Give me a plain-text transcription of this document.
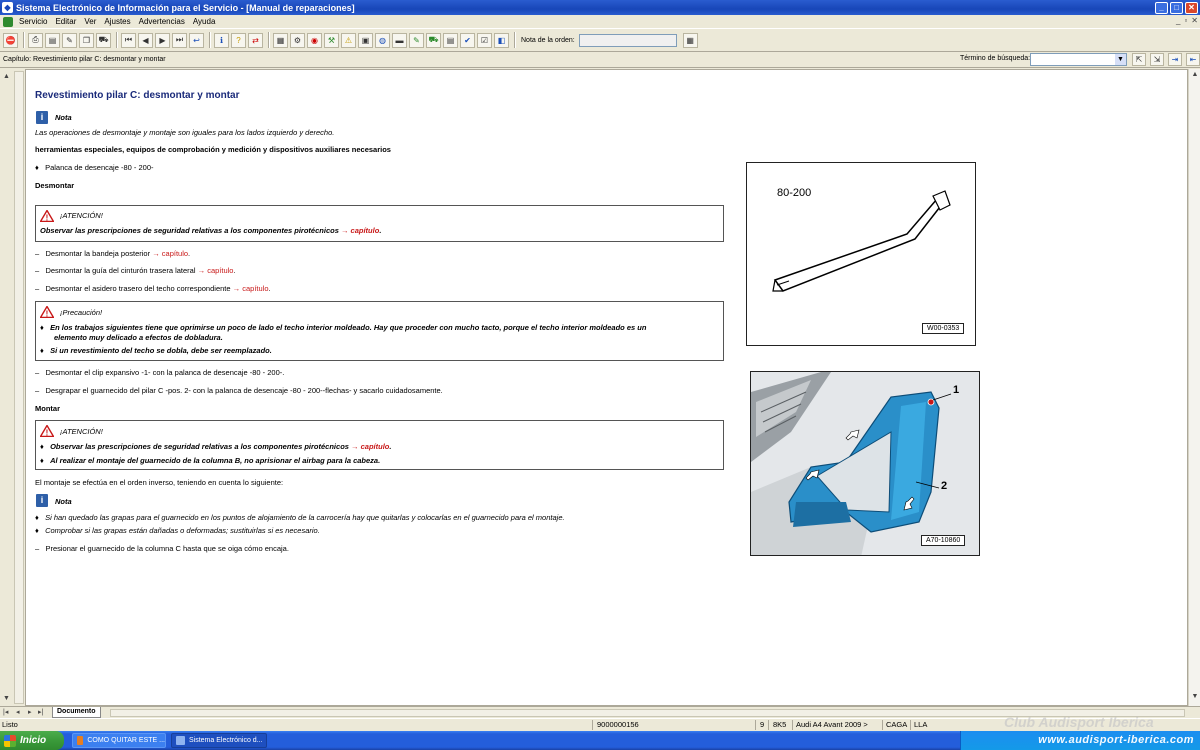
◆ Sistema Electrónico de Información para el Servicio - [Manual de reparaciones]	_	□	✕
Servicio	Editar	Ver	Ajustes	Advertencias	Ayuda	_ ▫ ✕
⛔	⎙	▤	✎	❐	⛟	⏮	◀	▶	⏭	↩	ℹ	?	⇄	▦	⚙	◉	⚒	⚠	▣	◍	▬	✎	⛟	▤	✔	☑	◧	Nota de la orden:	▦
Capítulo: Revestimiento pilar C: desmontar y montar	Término de búsqueda:	▼	⇱	⇲	⇥	⇤
▲
▼
Revestimiento pilar C: desmontar y montar
i	Nota
Las operaciones de desmontaje y montaje son iguales para los lados izquierdo y derecho.
herramientas especiales, equipos de comprobación y medición y dispositivos auxiliares necesarios
♦   Palanca de desencaje -80 - 200-
Desmontar
! ¡ATENCIÓN!
Observar las prescripciones de seguridad relativas a los componentes pirotécnicos → capítulo.
–   Desmontar la bandeja posterior → capítulo.
–   Desmontar la guía del cinturón trasera lateral → capítulo.
–   Desmontar el asidero trasero del techo correspondiente → capítulo.
! ¡Precaución!
♦   En los trabajos siguientes tiene que oprimirse un poco de lado el techo interior moldeado. Hay que proceder con mucho tacto, porque el techo interior moldeado es un
elemento muy delicado a efectos de dobladura.
♦   Si un revestimiento del techo se dobla, debe ser reemplazado.
–   Desmontar el clip expansivo -1- con la palanca de desencaje -80 - 200-.
–   Desgrapar el guarnecido del pilar C -pos. 2- con la palanca de desencaje -80 - 200--flechas- y sacarlo cuidadosamente.
Montar
! ¡ATENCIÓN!
♦   Observar las prescripciones de seguridad relativas a los componentes pirotécnicos → capítulo.
♦   Al realizar el montaje del guarnecido de la columna B, no aprisionar el airbag para la cabeza.
El montaje se efectúa en el orden inverso, teniendo en cuenta lo siguiente:
i	Nota
♦   Si han quedado las grapas para el guarnecido en los puntos de alojamiento de la carrocería hay que quitarlas y colocarlas en el guarnecido para el montaje.
♦   Comprobar si las grapas están dañadas o deformadas; sustituirlas si es necesario.
–   Presionar el guarnecido de la columna C hasta que se oiga cómo encaja.
80-200
W00-0353
1
2
A70-10860
▲
▼
|◂ ◂ ▸ ▸|	Documento
Listo	9000000156	9 8K5 Audi A4 Avant 2009 > CAGA LLA	Club Audisport Iberica
Inicio	COMO QUITAR ESTE ...	Sistema Electrónico d...	www.audisport-iberica.com
